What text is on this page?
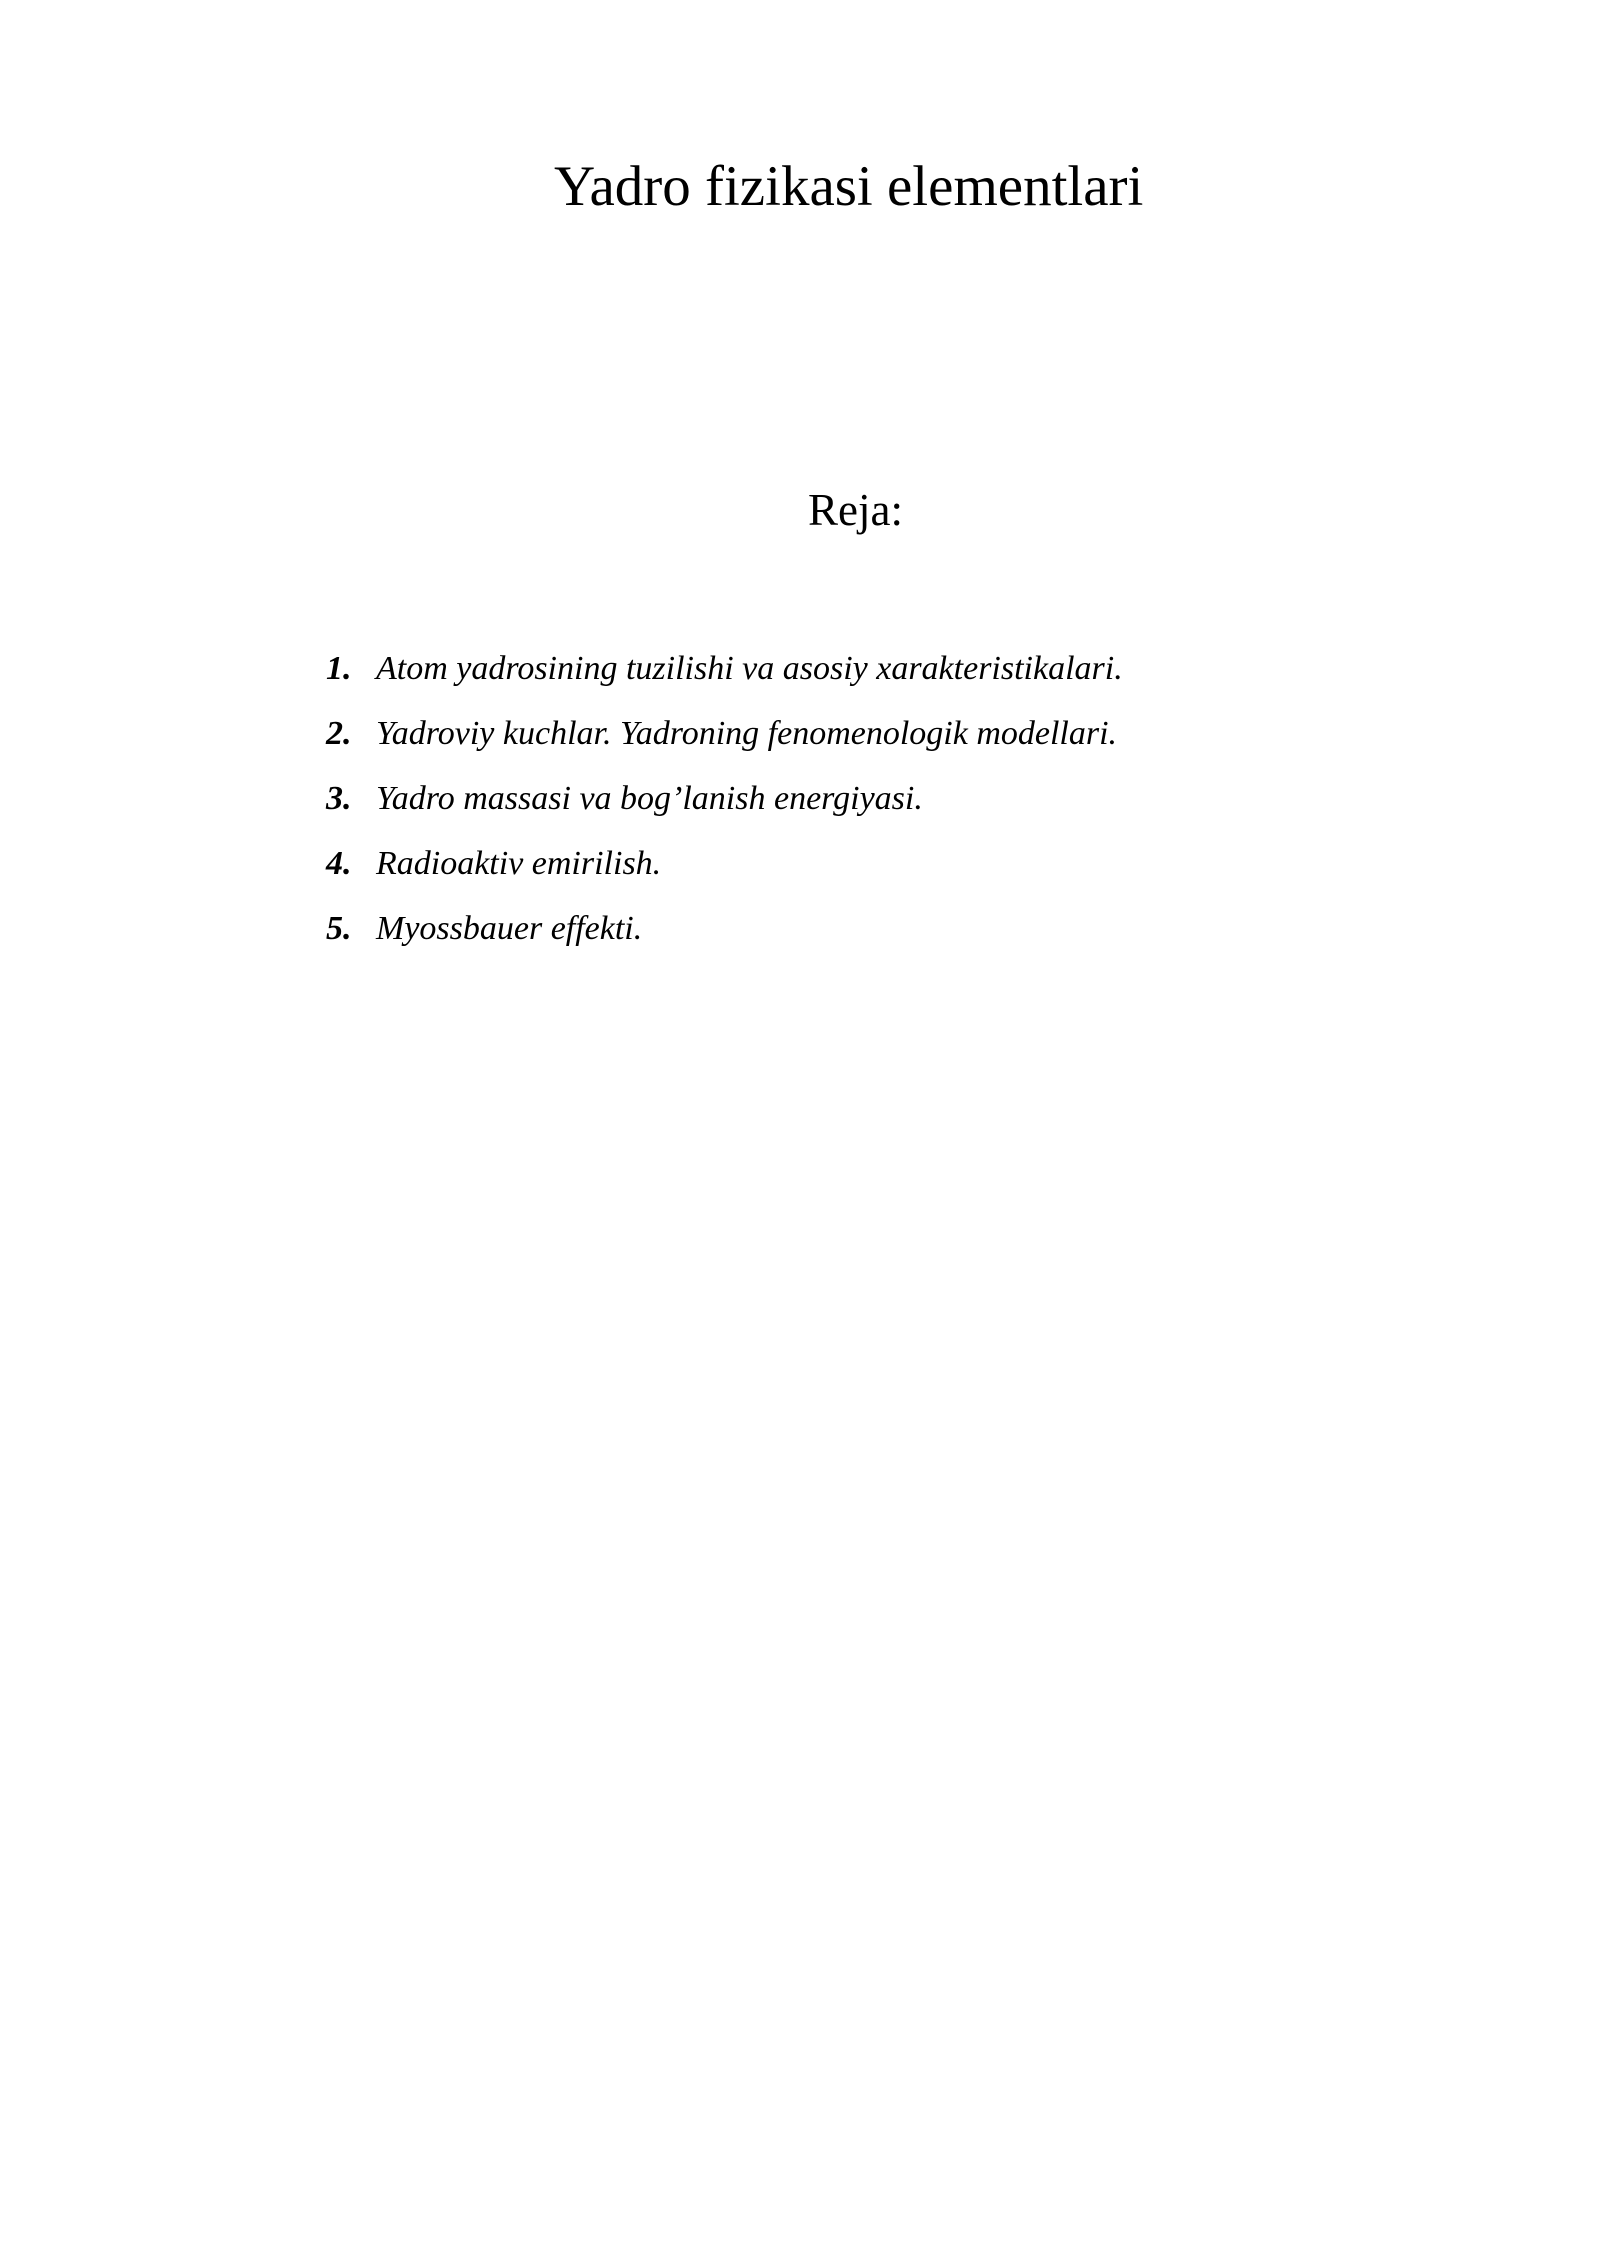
Yadro fizikasi elementlari
Reja:
1. Atom yadrosining tuzilishi va asosiy xarakteristikalari.
2. Yadroviy kuchlar. Yadroning fenomenologik modellari.
3. Yadro massasi va bog’lanish energiyasi.
4. Radioaktiv emirilish.
5. Myossbauer effekti.
